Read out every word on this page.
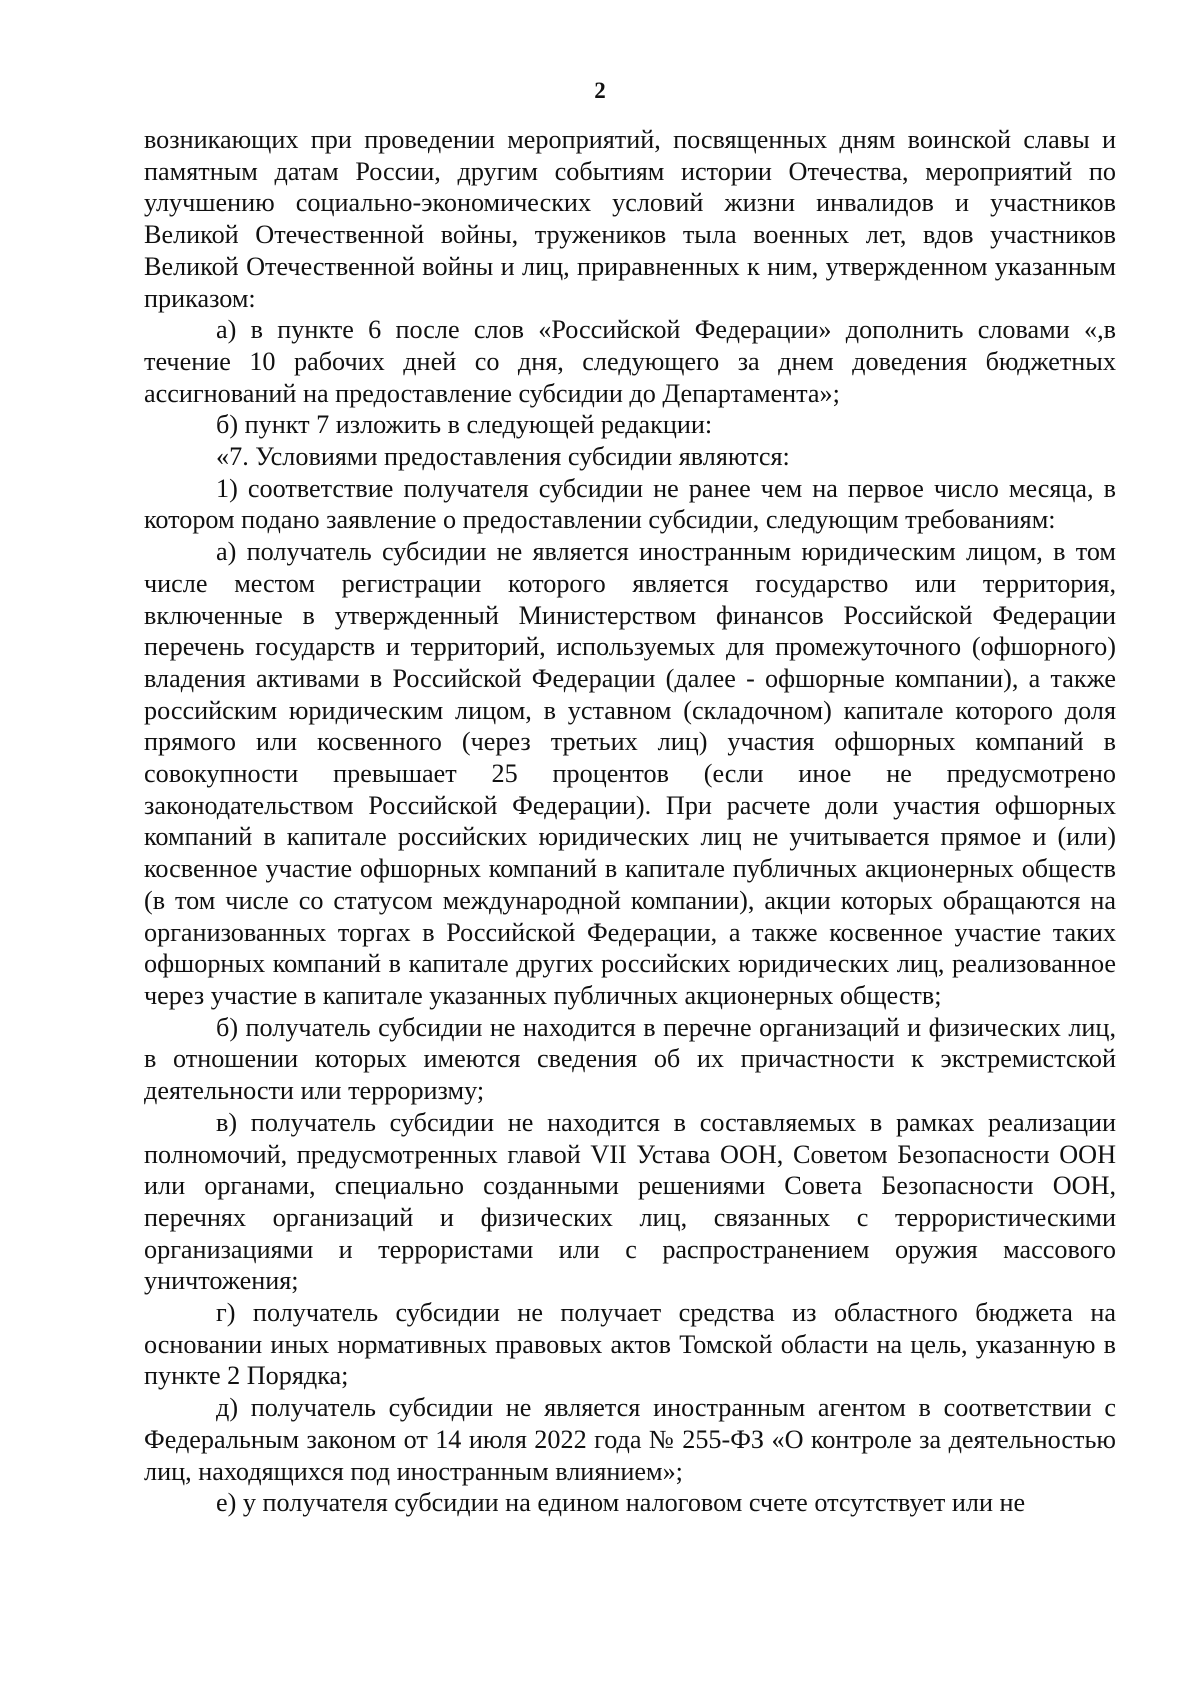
2

возникающих при проведении мероприятий, посвященных дням воинской славы и памятным датам России, другим событиям истории Отечества, мероприятий по улучшению социально-экономических условий жизни инвалидов и участников Великой Отечественной войны, тружеников тыла военных лет, вдов участников Великой Отечественной войны и лиц, приравненных к ним, утвержденном указанным приказом:

а) в пункте 6 после слов «Российской Федерации» дополнить словами «,в течение 10 рабочих дней со дня, следующего за днем доведения бюджетных ассигнований на предоставление субсидии до Департамента»;

б) пункт 7 изложить в следующей редакции:

«7. Условиями предоставления субсидии являются:

1) соответствие получателя субсидии не ранее чем на первое число месяца, в котором подано заявление о предоставлении субсидии, следующим требованиям:

а) получатель субсидии не является иностранным юридическим лицом, в том числе местом регистрации которого является государство или территория, включенные в утвержденный Министерством финансов Российской Федерации перечень государств и территорий, используемых для промежуточного (офшорного) владения активами в Российской Федерации (далее - офшорные компании), а также российским юридическим лицом, в уставном (складочном) капитале которого доля прямого или косвенного (через третьих лиц) участия офшорных компаний в совокупности превышает 25 процентов (если иное не предусмотрено законодательством Российской Федерации). При расчете доли участия офшорных компаний в капитале российских юридических лиц не учитывается прямое и (или) косвенное участие офшорных компаний в капитале публичных акционерных обществ (в том числе со статусом международной компании), акции которых обращаются на организованных торгах в Российской Федерации, а также косвенное участие таких офшорных компаний в капитале других российских юридических лиц, реализованное через участие в капитале указанных публичных акционерных обществ;

б) получатель субсидии не находится в перечне организаций и физических лиц, в отношении которых имеются сведения об их причастности к экстремистской деятельности или терроризму;

в) получатель субсидии не находится в составляемых в рамках реализации полномочий, предусмотренных главой VII Устава ООН, Советом Безопасности ООН или органами, специально созданными решениями Совета Безопасности ООН, перечнях организаций и физических лиц, связанных с террористическими организациями и террористами или с распространением оружия массового уничтожения;

г) получатель субсидии не получает средства из областного бюджета на основании иных нормативных правовых актов Томской области на цель, указанную в пункте 2 Порядка;

д) получатель субсидии не является иностранным агентом в соответствии с Федеральным законом от 14 июля 2022 года № 255-ФЗ «О контроле за деятельностью лиц, находящихся под иностранным влиянием»;

е) у получателя субсидии на едином налоговом счете отсутствует или не
